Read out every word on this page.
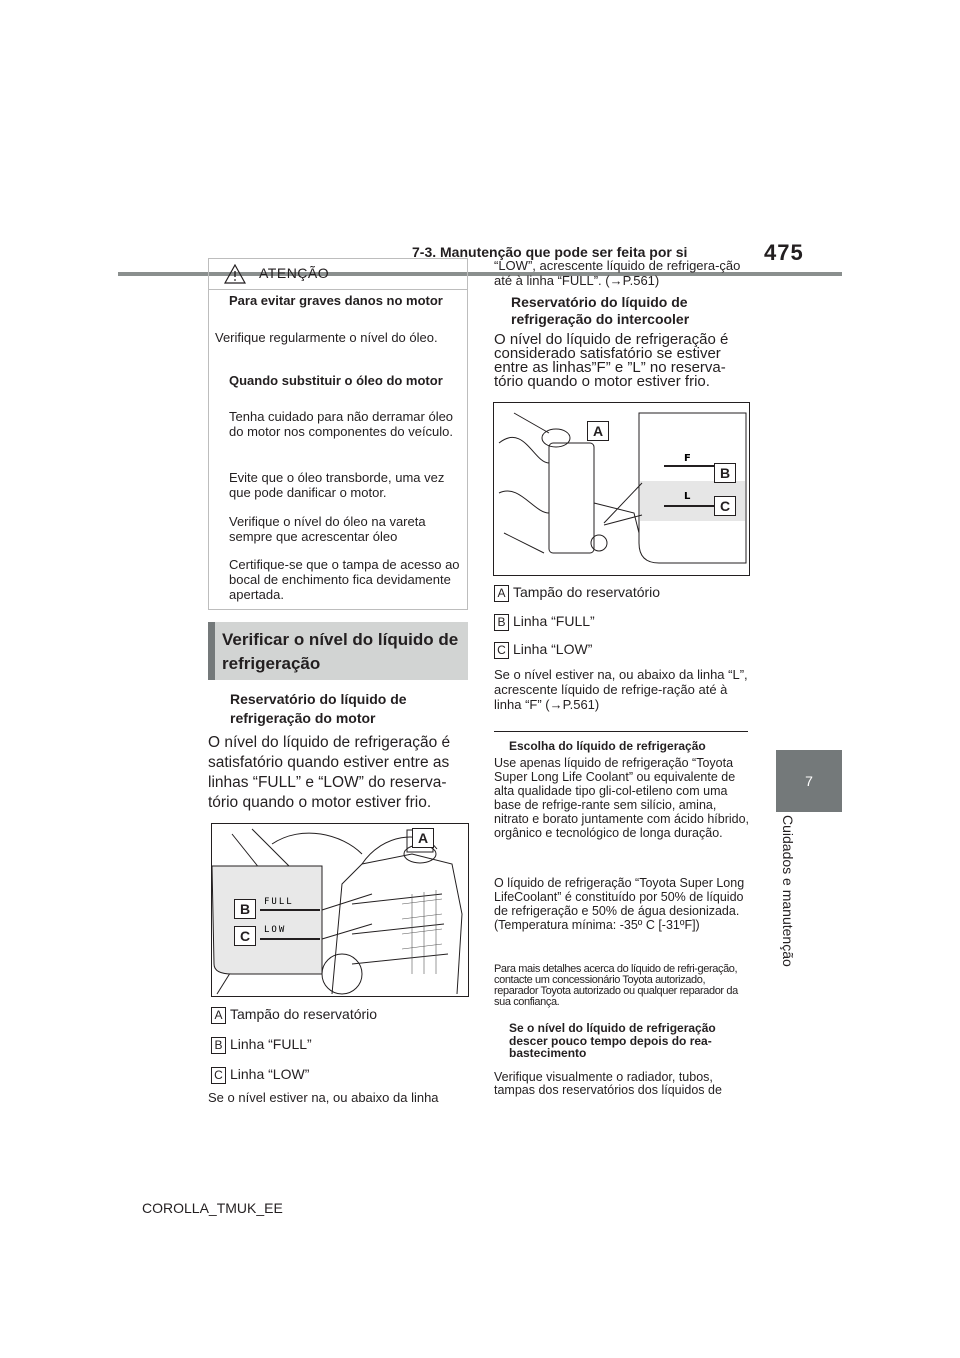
7-3. Manutenção que pode ser feita por si	475
7
Cuidados e manutenção
COROLLA_TMUK_EE
ATENÇÃO
Para evitar graves danos no motor
Verifique regularmente o nível do óleo.
Quando substituir o óleo do motor
Tenha cuidado para não derramar óleo do motor nos componentes do veículo.
Evite que o óleo transborde, uma vez que pode danificar o motor.
Verifique o nível do óleo na vareta sempre que acrescentar óleo
Certifique-se que o tampa de acesso ao bocal de enchimento fica devidamente apertada.
Verificar o nível do líquido de refrigeração
Reservatório do líquido de refrigeração do motor
O nível do líquido de refrigeração é satisfatório quando estiver entre as linhas “FULL” e “LOW” do reserva-tório quando o motor estiver frio.
FULL
LOW
A
B
C
A Tampão do reservatório
B Linha “FULL”
C Linha “LOW”
Se o nível estiver na, ou abaixo da linha
“LOW”, acrescente líquido de refrigera-ção até à linha “FULL”. (→P.561)
Reservatório do líquido de refrigeração do intercooler
O nível do líquido de refrigeração é considerado satisfatório se estiver entre as linhas”F” e ”L” no reserva-tório quando o motor estiver frio.
F
L
A
B
C
A Tampão do reservatório
B Linha “FULL”
C Linha “LOW”
Se o nível estiver na, ou abaixo da linha “L”, acrescente líquido de refrige-ração até à linha “F” (→P.561)
Escolha do líquido de refrigeração
Use apenas líquido de refrigeração “Toyota Super Long Life Coolant” ou equivalente de alta qualidade tipo gli-col-etileno com uma base de refrige-rante sem silício, amina, nitrato e borato juntamente com ácido híbrido, orgânico e tecnológico de longa duração.
O líquido de refrigeração “Toyota Super Long LifeCoolant” é constituído por 50% de líquido de refrigeração e 50% de água desionizada. (Temperatura mínima: -35º C [-31ºF])
Para mais detalhes acerca do líquido de refri-geração, contacte um concessionário Toyota autorizado, reparador Toyota autorizado ou qualquer reparador da sua confiança.
Se o nível do líquido de refrigeração descer pouco tempo depois do rea-bastecimento
Verifique visualmente o radiador, tubos, tampas dos reservatórios dos líquidos de
